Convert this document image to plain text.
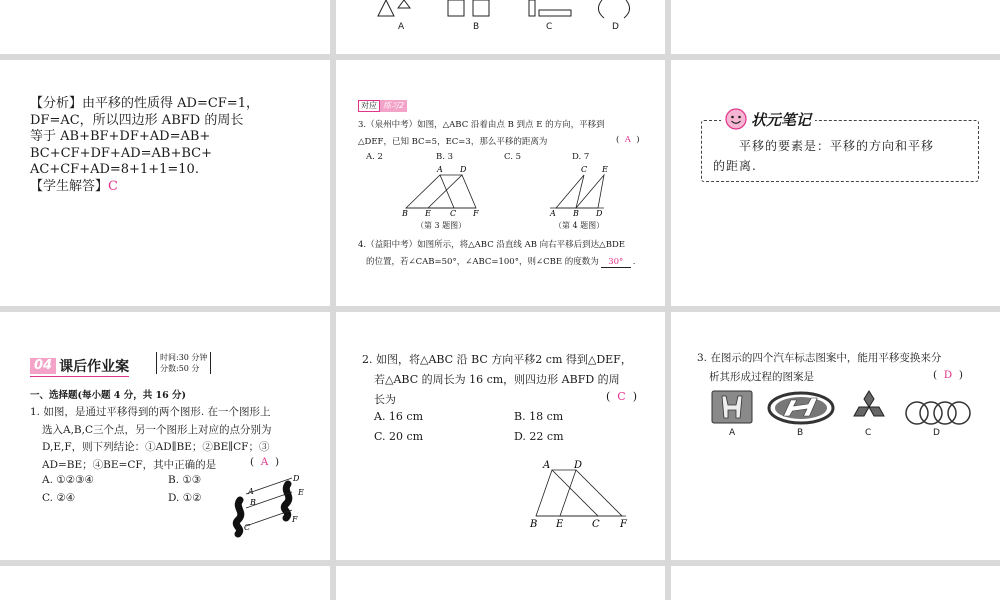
A	B	C	D
【分析】由平移的性质得 AD=CF=1，
DF=AC，所以四边形 ABFD 的周长
等于 AB+BF+DF+AD=AB+
BC+CF+DF+AD=AB+BC+
AC+CF+AD=8+1+1=10.
【学生解答】C
对应 练习2
3.（泉州中考）如图，△ABC 沿着由点 B 到点 E 的方向，平移到
△DEF，已知 BC=5，EC=3，那么平移的距离为	(  A  )
A. 2	B. 3	C. 5	D. 7
A D
B E C F
（第 3 题图）
C E
A B D
（第 4 题图）
4.（益阳中考）如图所示，将△ABC 沿直线 AB 向右平移后到达△BDE
的位置，若∠CAB=50°，∠ABC=100°，则∠CBE 的度数为 30° .
状元笔记
平移的要素是：平移的方向和平移
的距离.
04 课后作业案
时间:30 分钟
分数:50 分
一、选择题(每小题 4 分，共 16 分)
1. 如图，是通过平移得到的两个图形. 在一个图形上
选入A,B,C三个点，另一个图形上对应的点分别为
D,E,F，则下列结论：①AD∥BE；②BE∥CF；③
AD=BE；④BE=CF，其中正确的是	(  A  )
A. ①②③④	B. ①③
C. ②④	D. ①②
A
B
C
D
E
F
2. 如图，将△ABC 沿 BC 方向平移2 cm 得到△DEF，
若△ABC 的周长为 16 cm，则四边形 ABFD 的周
长为	(  C  )
A. 16 cm	B. 18 cm
C. 20 cm	D. 22 cm
A D
B E	C F
3. 在图示的四个汽车标志图案中，能用平移变换来分
析其形成过程的图案是	(  D  )
A	B	C	D
